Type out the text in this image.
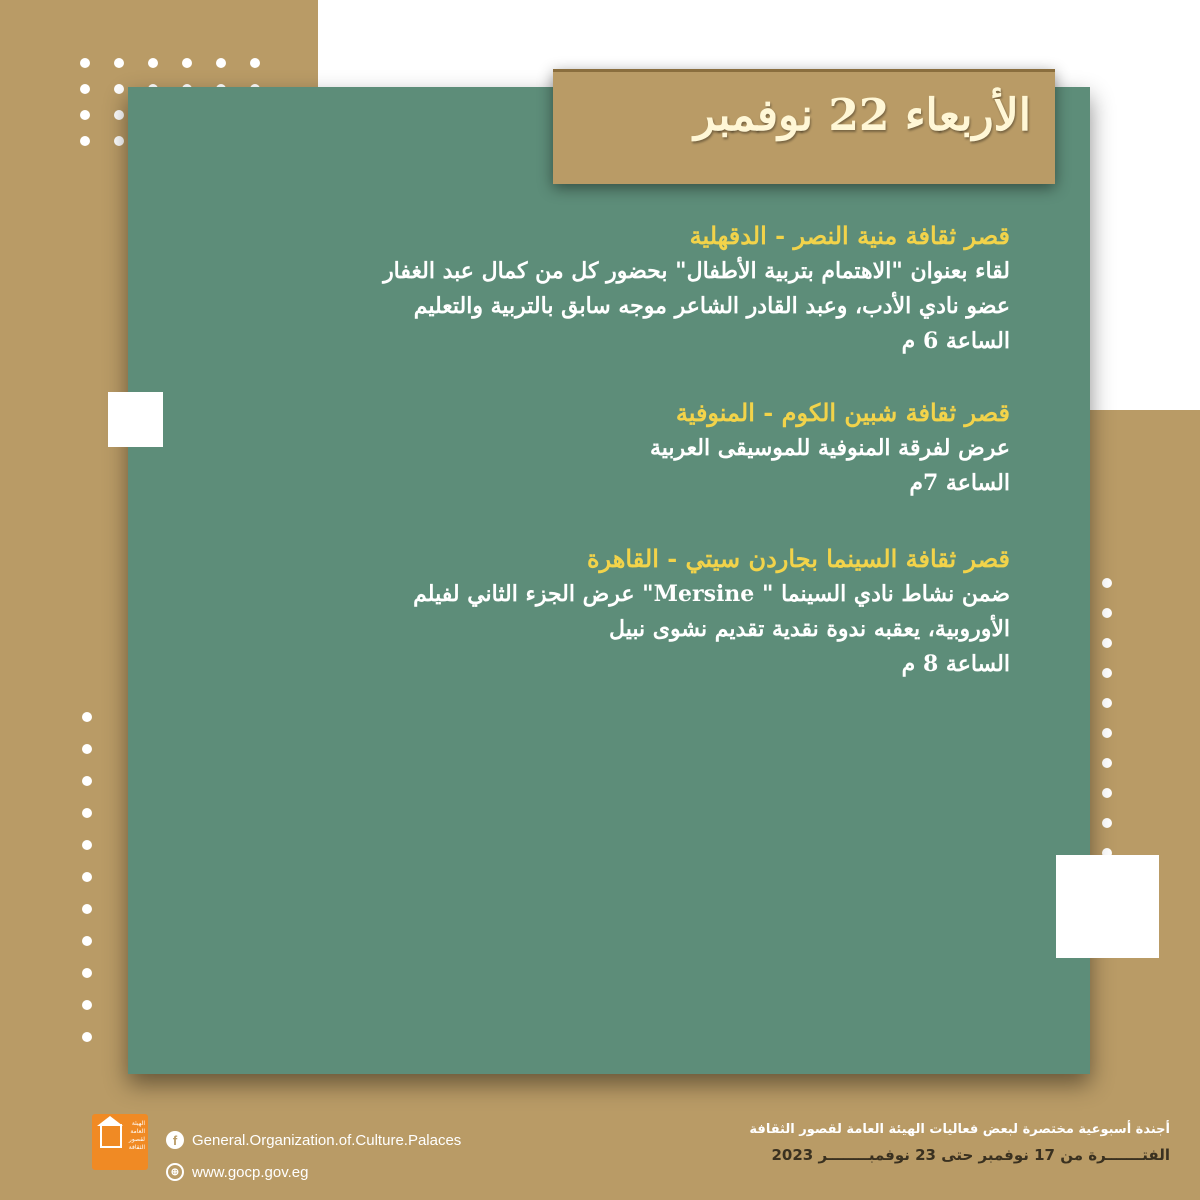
الأربعاء 22 نوفمبر
قصر ثقافة منية النصر - الدقهلية
لقاء بعنوان "الاهتمام بتربية الأطفال" بحضور كل من كمال عبد الغفار
عضو نادي الأدب، وعبد القادر الشاعر موجه سابق بالتربية والتعليم
الساعة 6 م
قصر ثقافة شبين الكوم - المنوفية
عرض لفرقة المنوفية للموسيقى العربية
الساعة 7م
قصر ثقافة السينما بجاردن سيتي - القاهرة
ضمن نشاط نادي السينما " Mersine" عرض الجزء الثاني لفيلم
الأوروبية، يعقبه ندوة نقدية تقديم نشوى نبيل
الساعة 8 م
الهيئة العامة لقصور الثقافة	f General.Organization.of.Culture.Palaces
⊕ www.gocp.gov.eg
أجندة أسبوعية مختصرة لبعض فعاليات الهيئة العامة لقصور الثقافة
الفتـــــــرة من 17 نوفمبر حتى 23 نوفمبــــــــر 2023
